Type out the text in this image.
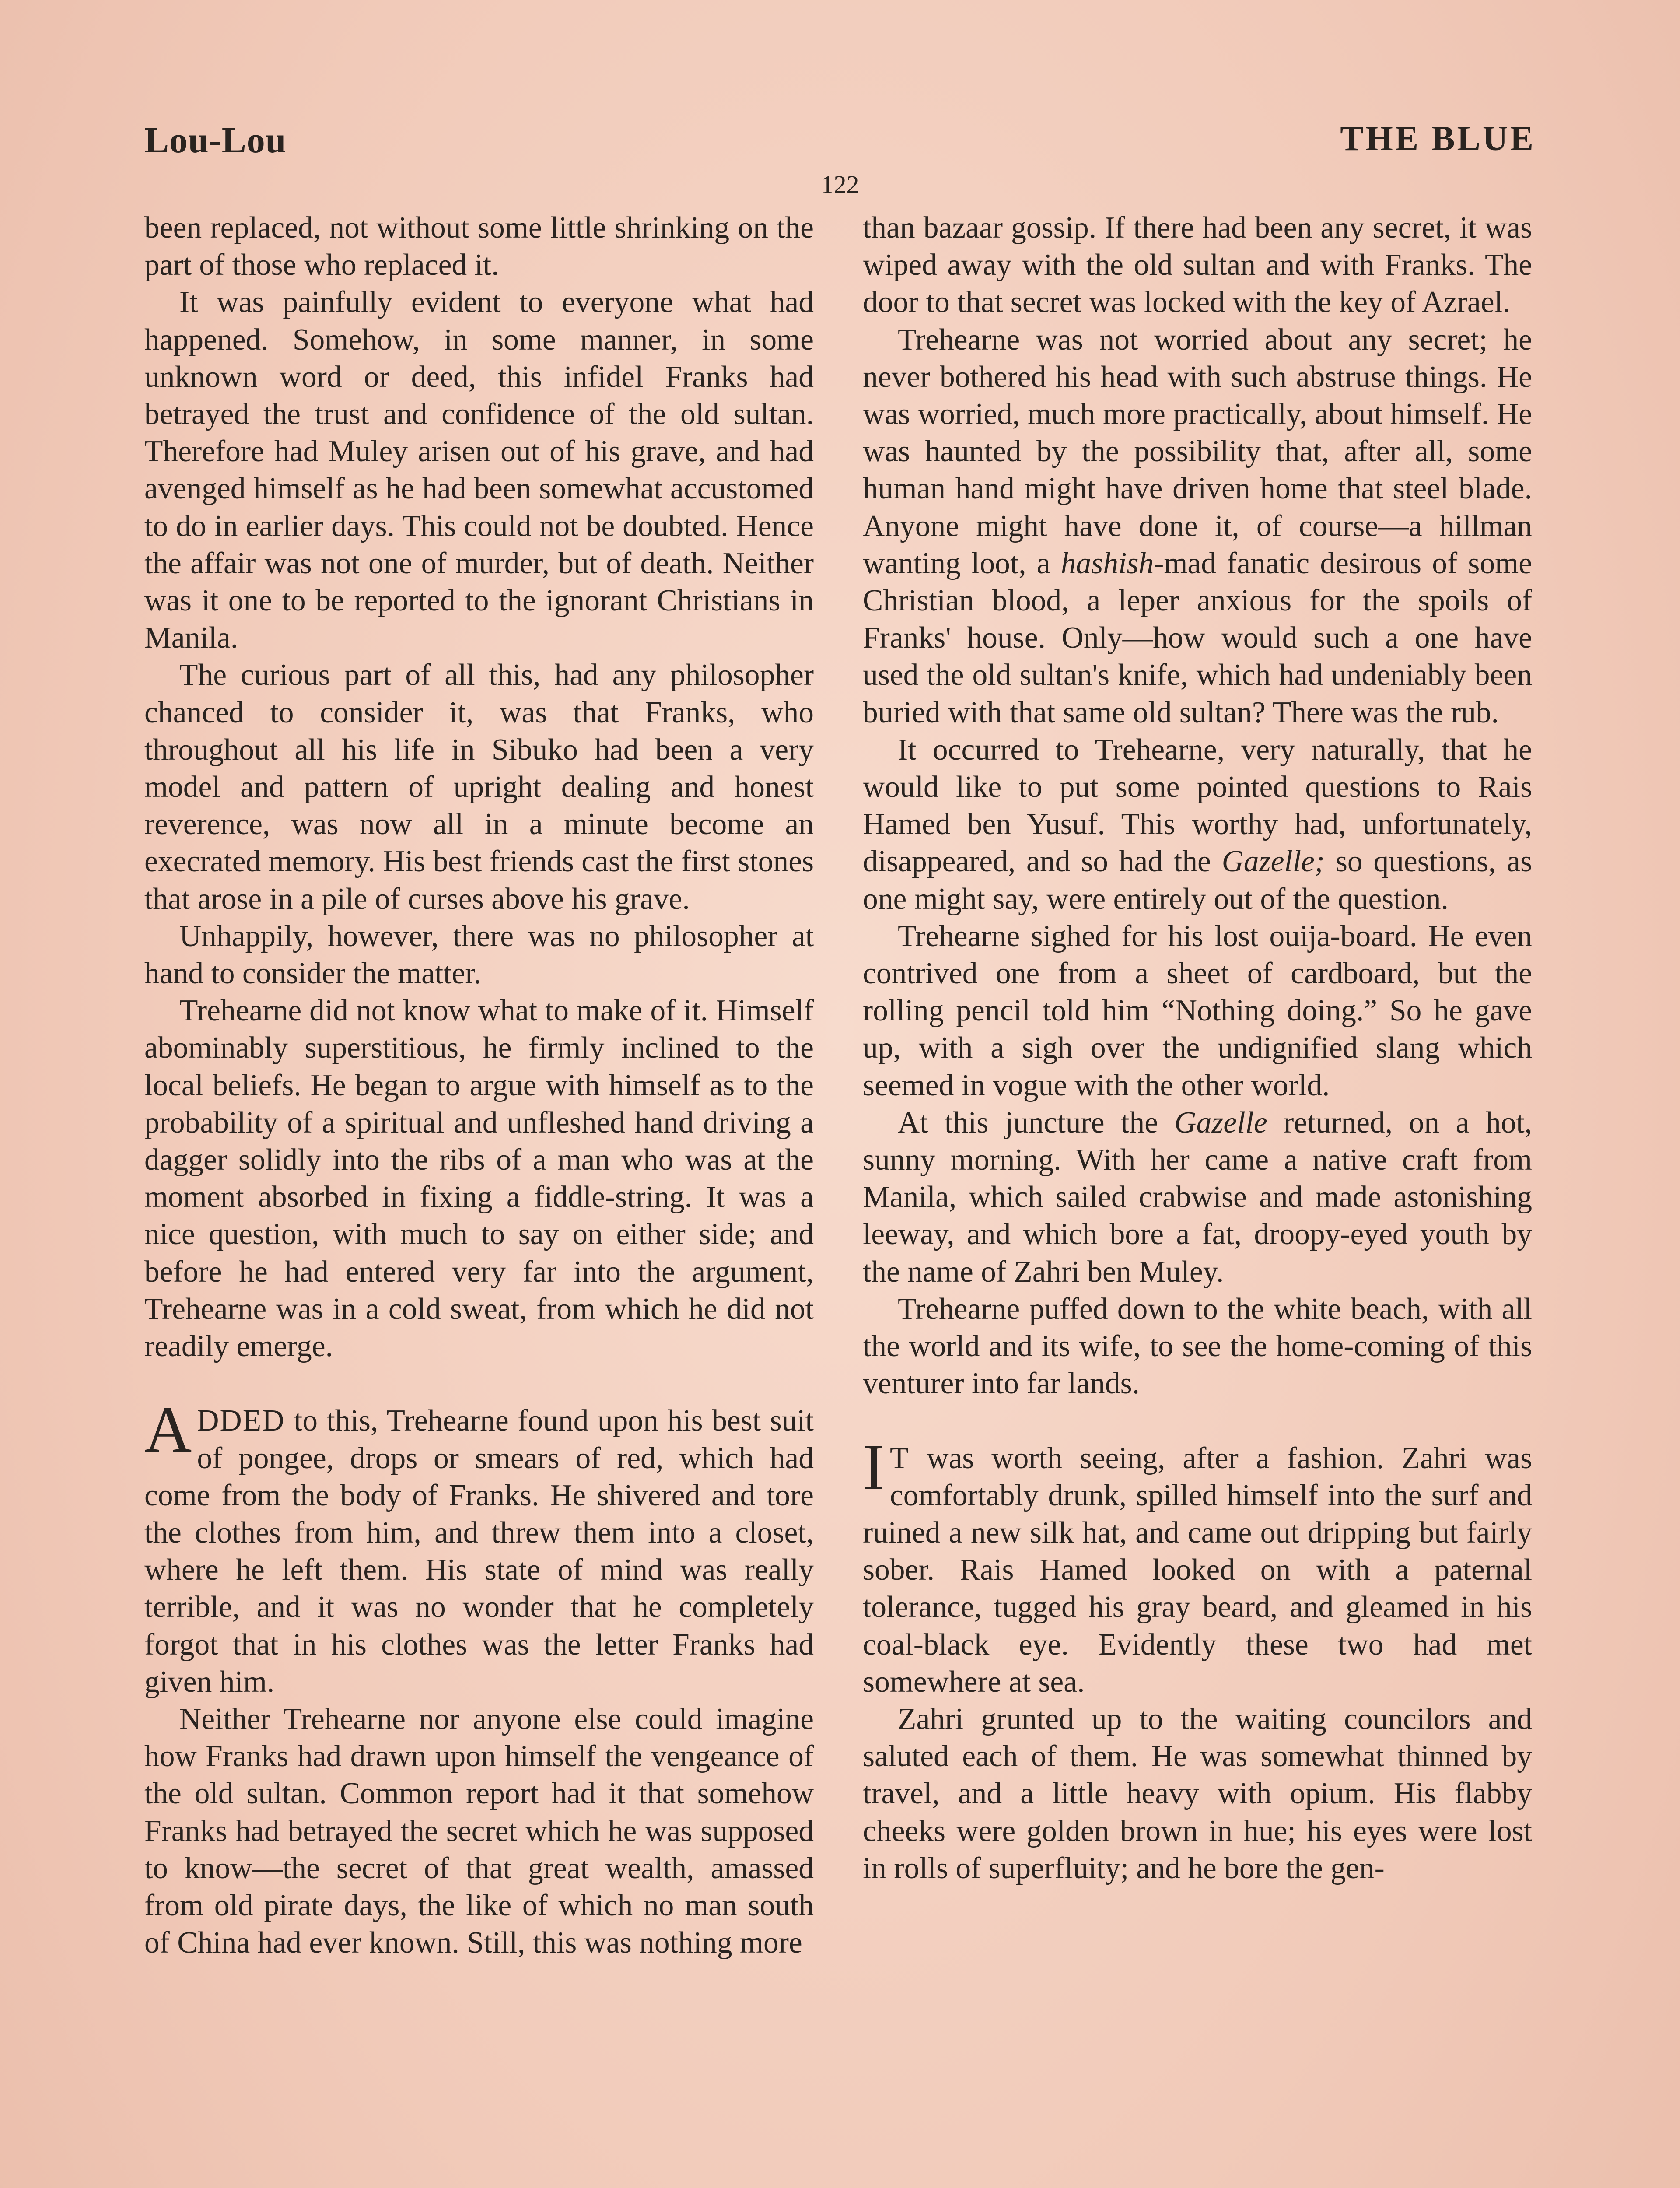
Lou-Lou	THE BLUE
122

been replaced, not without some little shrinking on the part of those who replaced it.

It was painfully evident to everyone what had happened. Somehow, in some manner, in some unknown word or deed, this infidel Franks had betrayed the trust and confidence of the old sultan. Therefore had Muley arisen out of his grave, and had avenged himself as he had been somewhat accustomed to do in earlier days. This could not be doubted. Hence the affair was not one of murder, but of death. Neither was it one to be reported to the ignorant Christians in Manila.

The curious part of all this, had any philosopher chanced to consider it, was that Franks, who throughout all his life in Sibuko had been a very model and pattern of upright dealing and honest reverence, was now all in a minute become an execrated memory. His best friends cast the first stones that arose in a pile of curses above his grave.

Unhappily, however, there was no philosopher at hand to consider the matter.

Trehearne did not know what to make of it. Himself abominably superstitious, he firmly inclined to the local beliefs. He began to argue with himself as to the probability of a spiritual and unfleshed hand driving a dagger solidly into the ribs of a man who was at the moment absorbed in fixing a fiddle-string. It was a nice question, with much to say on either side; and before he had entered very far into the argument, Trehearne was in a cold sweat, from which he did not readily emerge.

ADDED to this, Trehearne found upon his best suit of pongee, drops or smears of red, which had come from the body of Franks. He shivered and tore the clothes from him, and threw them into a closet, where he left them. His state of mind was really terrible, and it was no wonder that he completely forgot that in his clothes was the letter Franks had given him.

Neither Trehearne nor anyone else could imagine how Franks had drawn upon himself the vengeance of the old sultan. Common report had it that somehow Franks had betrayed the secret which he was supposed to know—the secret of that great wealth, amassed from old pirate days, the like of which no man south of China had ever known. Still, this was nothing more

than bazaar gossip. If there had been any secret, it was wiped away with the old sultan and with Franks. The door to that secret was locked with the key of Azrael.

Trehearne was not worried about any secret; he never bothered his head with such abstruse things. He was worried, much more practically, about himself. He was haunted by the possibility that, after all, some human hand might have driven home that steel blade. Anyone might have done it, of course—a hillman wanting loot, a hashish-mad fanatic desirous of some Christian blood, a leper anxious for the spoils of Franks' house. Only—how would such a one have used the old sultan's knife, which had undeniably been buried with that same old sultan? There was the rub.

It occurred to Trehearne, very naturally, that he would like to put some pointed questions to Rais Hamed ben Yusuf. This worthy had, unfortunately, disappeared, and so had the Gazelle; so questions, as one might say, were entirely out of the question.

Trehearne sighed for his lost ouija-board. He even contrived one from a sheet of cardboard, but the rolling pencil told him “Nothing doing.” So he gave up, with a sigh over the undignified slang which seemed in vogue with the other world.

At this juncture the Gazelle returned, on a hot, sunny morning. With her came a native craft from Manila, which sailed crabwise and made astonishing leeway, and which bore a fat, droopy-eyed youth by the name of Zahri ben Muley.

Trehearne puffed down to the white beach, with all the world and its wife, to see the home-coming of this venturer into far lands.

I T was worth seeing, after a fashion. Zahri was comfortably drunk, spilled himself into the surf and ruined a new silk hat, and came out dripping but fairly sober. Rais Hamed looked on with a paternal tolerance, tugged his gray beard, and gleamed in his coal-black eye. Evidently these two had met somewhere at sea.

Zahri grunted up to the waiting councilors and saluted each of them. He was somewhat thinned by travel, and a little heavy with opium. His flabby cheeks were golden brown in hue; his eyes were lost in rolls of superfluity; and he bore the gen-
